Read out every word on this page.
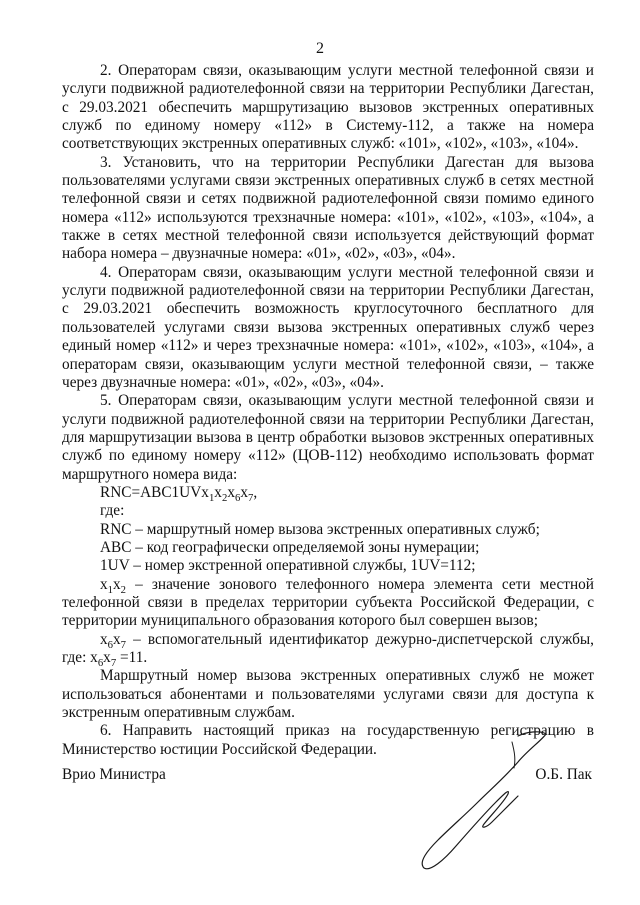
2

2. Операторам связи, оказывающим услуги местной телефонной связи и услуги подвижной радиотелефонной связи на территории Республики Дагестан, с 29.03.2021 обеспечить маршрутизацию вызовов экстренных оперативных служб по единому номеру «112» в Систему-112, а также на номера соответствующих экстренных оперативных служб: «101», «102», «103», «104».

3. Установить, что на территории Республики Дагестан для вызова пользователями услугами связи экстренных оперативных служб в сетях местной телефонной связи и сетях подвижной радиотелефонной связи помимо единого номера «112» используются трехзначные номера: «101», «102», «103», «104», а также в сетях местной телефонной связи используется действующий формат набора номера – двузначные номера: «01», «02», «03», «04».

4. Операторам связи, оказывающим услуги местной телефонной связи и услуги подвижной радиотелефонной связи на территории Республики Дагестан, с 29.03.2021 обеспечить возможность круглосуточного бесплатного для пользователей услугами связи вызова экстренных оперативных служб через единый номер «112» и через трехзначные номера: «101», «102», «103», «104», а операторам связи, оказывающим услуги местной телефонной связи, – также через двузначные номера: «01», «02», «03», «04».

5. Операторам связи, оказывающим услуги местной телефонной связи и услуги подвижной радиотелефонной связи на территории Республики Дагестан, для маршрутизации вызова в центр обработки вызовов экстренных оперативных служб по единому номеру «112» (ЦОВ-112) необходимо использовать формат маршрутного номера вида:

$RNC=ABC1UVx_1x_2x_6x_7$,

где:

RNC – маршрутный номер вызова экстренных оперативных служб;

ABC – код географически определяемой зоны нумерации;

1UV – номер экстренной оперативной службы, 1UV=112;

$x_1x_2$ – значение зонового телефонного номера элемента сети местной телефонной связи в пределах территории субъекта Российской Федерации, с территории муниципального образования которого был совершен вызов;

$x_6x_7$ – вспомогательный идентификатор дежурно-диспетчерской службы, где: $x_6x_7 =11$.

Маршрутный номер вызова экстренных оперативных служб не может использоваться абонентами и пользователями услугами связи для доступа к экстренным оперативным службам.

6. Направить настоящий приказ на государственную регистрацию в Министерство юстиции Российской Федерации.

Врио Министра	О.Б. Пак
